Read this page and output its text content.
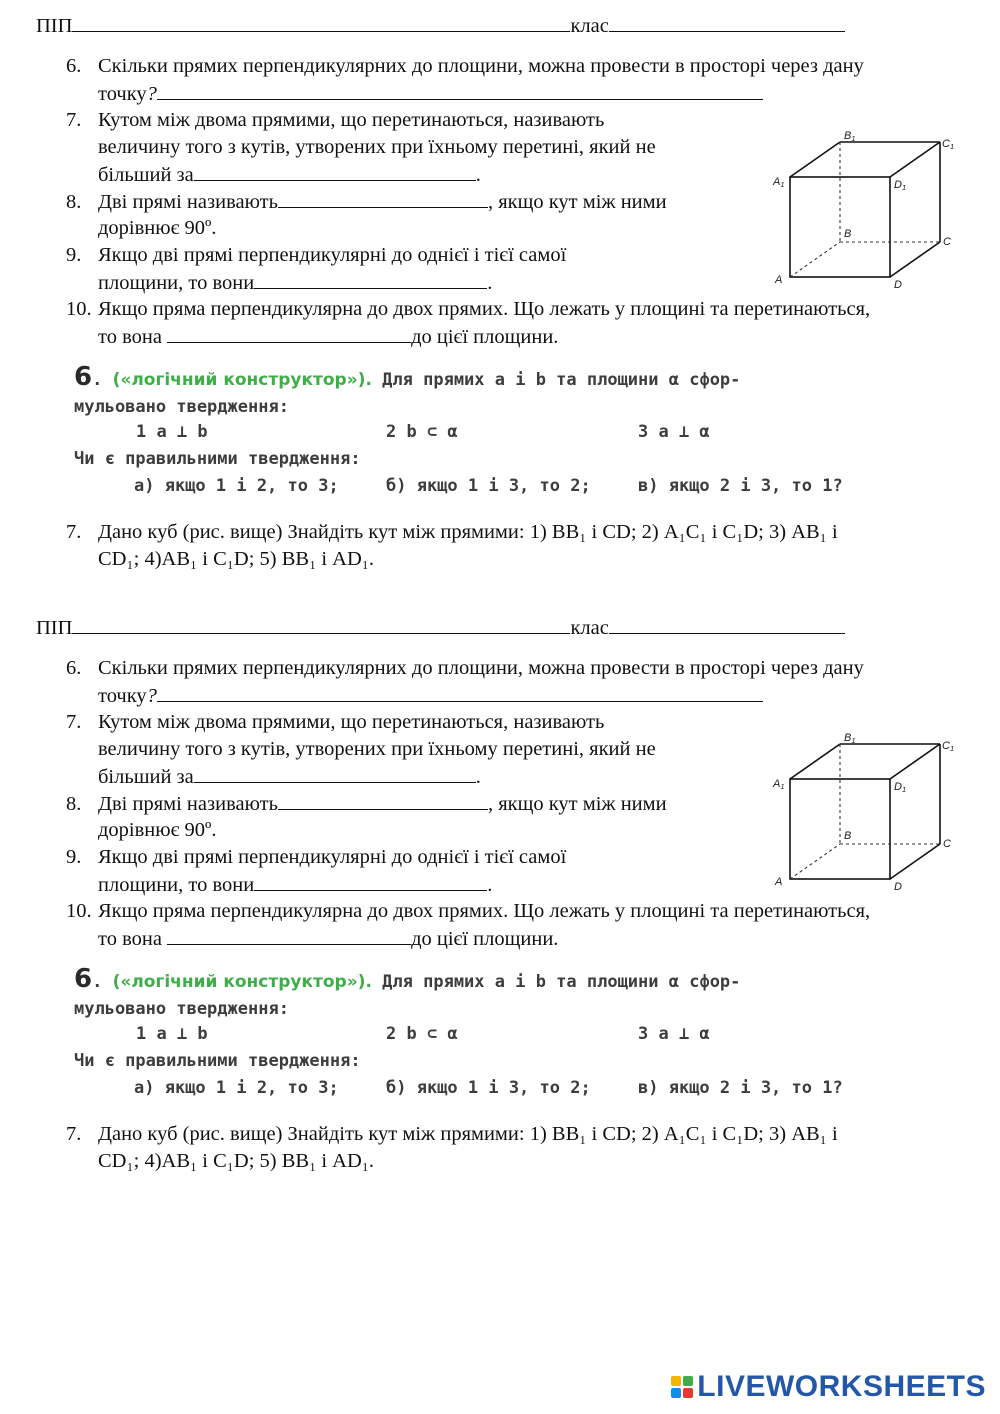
ПІП	клас
6. Скільки прямих перпендикулярних до площини, можна провести в просторі через дану
точку?
7. Кутом між двома прямими, що перетинаються, називають
величину того з кутів, утворених при їхньому перетині, який не
більший за	.
8. Дві прямі називають	, якщо кут між ними
дорівнює 90º.
9. Якщо дві прямі перпендикулярні до однієї і тієї самої
площини, то вони	.
10. Якщо пряма перпендикулярна до двох прямих. Що лежать у площині та перетинаються,
то вона	до цієї площини.
A
B
C
D
A1
B1	C1
D1
6. («логічний конструктор»). Для прямих a і b та площини α сфор-
мульовано твердження:
1 a ⊥ b	2 b ⊂ α	3 a ⊥ α
Чи є правильними твердження:
а) якщо 1 і 2, то 3;	б) якщо 1 і 3, то 2;	в) якщо 2 і 3, то 1?
7. Дано куб (рис. вище) Знайдіть кут між прямими: 1) BB₁ і CD; 2) A₁C₁ і C₁D; 3) AB₁ і
CD₁; 4)AB₁ і C₁D; 5) BB₁ і AD₁.
ПІП	клас
6. Скільки прямих перпендикулярних до площини, можна провести в просторі через дану
точку?
7. Кутом між двома прямими, що перетинаються, називають
величину того з кутів, утворених при їхньому перетині, який не
більший за	.
8. Дві прямі називають	, якщо кут між ними
дорівнює 90º.
9. Якщо дві прямі перпендикулярні до однієї і тієї самої
площини, то вони	.
10. Якщо пряма перпендикулярна до двох прямих. Що лежать у площині та перетинаються,
то вона	до цієї площини.
A
B
C
D
A1
B1	C1
D1
6. («логічний конструктор»). Для прямих a і b та площини α сфор-
мульовано твердження:
1 a ⊥ b	2 b ⊂ α	3 a ⊥ α
Чи є правильними твердження:
а) якщо 1 і 2, то 3;	б) якщо 1 і 3, то 2;	в) якщо 2 і 3, то 1?
7. Дано куб (рис. вище) Знайдіть кут між прямими: 1) BB₁ і CD; 2) A₁C₁ і C₁D; 3) AB₁ і
CD₁; 4)AB₁ і C₁D; 5) BB₁ і AD₁.
LIVEWORKSHEETS
